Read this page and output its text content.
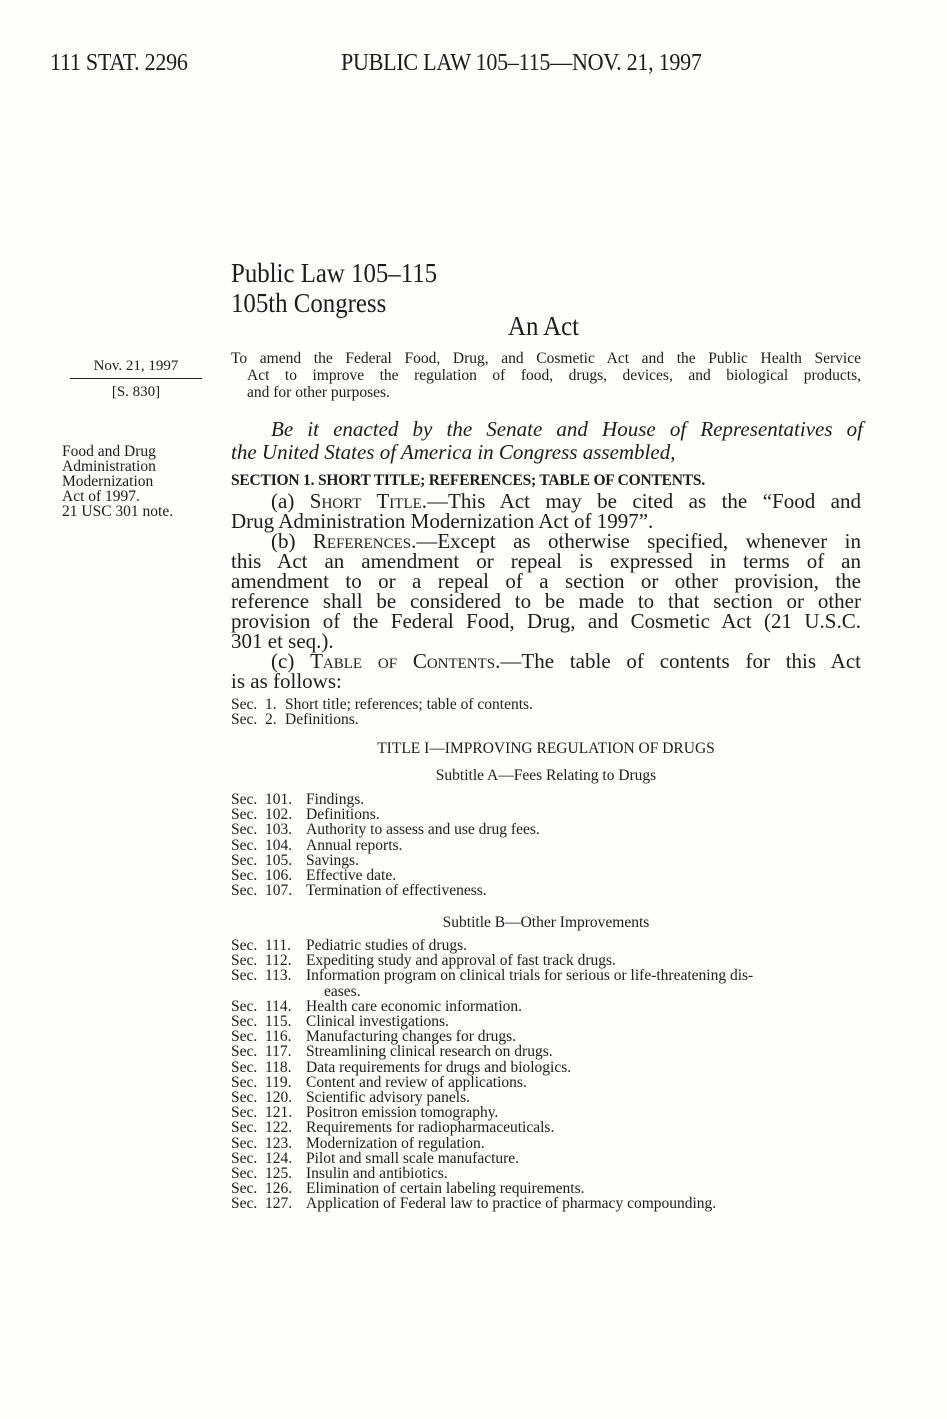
111 STAT. 2296	PUBLIC LAW 105–115—NOV. 21, 1997
Public Law 105–115
105th Congress
An Act
Nov. 21, 1997
[S. 830]
To amend the Federal Food, Drug, and Cosmetic Act and the Public Health Service
Act to improve the regulation of food, drugs, devices, and biological products,
and for other purposes.
Be it enacted by the Senate and House of Representatives of
the United States of America in Congress assembled,
Food and Drug
Administration
Modernization
Act of 1997.
21 USC 301 note.
SECTION 1. SHORT TITLE; REFERENCES; TABLE OF CONTENTS.
(a) Short Title.—This Act may be cited as the “Food and
Drug Administration Modernization Act of 1997”.
(b) References.—Except as otherwise specified, whenever in
this Act an amendment or repeal is expressed in terms of an
amendment to or a repeal of a section or other provision, the
reference shall be considered to be made to that section or other
provision of the Federal Food, Drug, and Cosmetic Act (21 U.S.C.
301 et seq.).
(c) Table of Contents.—The table of contents for this Act
is as follows:
Sec. 1. Short title; references; table of contents.
Sec. 2. Definitions.
TITLE I—IMPROVING REGULATION OF DRUGS
Subtitle A—Fees Relating to Drugs
Sec. 101. Findings.
Sec. 102. Definitions.
Sec. 103. Authority to assess and use drug fees.
Sec. 104. Annual reports.
Sec. 105. Savings.
Sec. 106. Effective date.
Sec. 107. Termination of effectiveness.
Subtitle B—Other Improvements
Sec. 111. Pediatric studies of drugs.
Sec. 112. Expediting study and approval of fast track drugs.
Sec. 113. Information program on clinical trials for serious or life-threatening dis-
eases.
Sec. 114. Health care economic information.
Sec. 115. Clinical investigations.
Sec. 116. Manufacturing changes for drugs.
Sec. 117. Streamlining clinical research on drugs.
Sec. 118. Data requirements for drugs and biologics.
Sec. 119. Content and review of applications.
Sec. 120. Scientific advisory panels.
Sec. 121. Positron emission tomography.
Sec. 122. Requirements for radiopharmaceuticals.
Sec. 123. Modernization of regulation.
Sec. 124. Pilot and small scale manufacture.
Sec. 125. Insulin and antibiotics.
Sec. 126. Elimination of certain labeling requirements.
Sec. 127. Application of Federal law to practice of pharmacy compounding.
